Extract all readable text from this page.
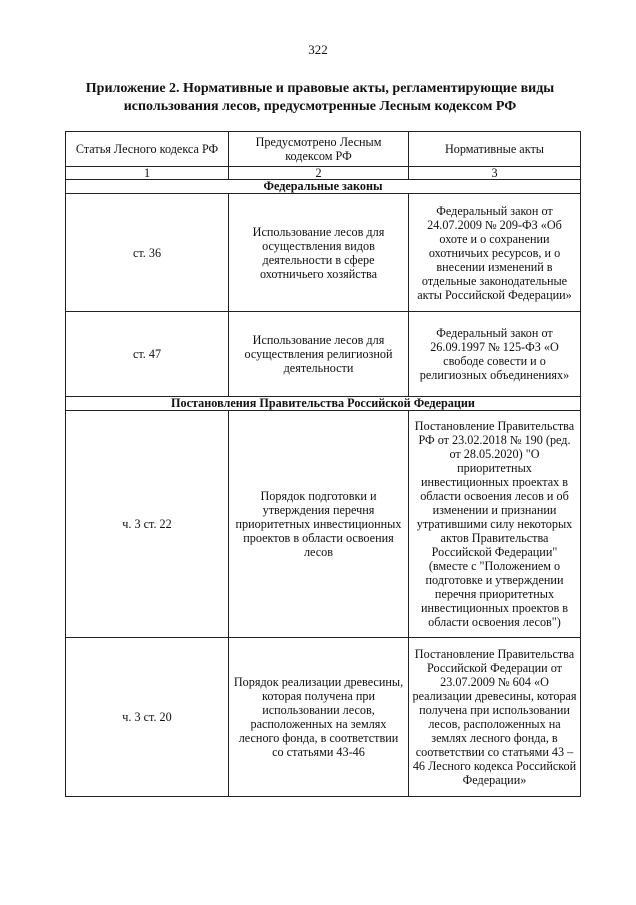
322
Приложение 2. Нормативные и правовые акты, регламентирующие виды использования лесов, предусмотренные Лесным кодексом РФ
Статья Лесного кодекса РФ	Предусмотрено Лесным кодексом РФ	Нормативные акты
1	2	3
Федеральные законы		
ст. 36	Использование лесов для осуществления видов деятельности в сфере охотничьего хозяйства	Федеральный закон от 24.07.2009 № 209-ФЗ «Об охоте и о сохранении охотничьих ресурсов, и о внесении изменений в отдельные законодательные акты Российской Федерации»
ст. 47	Использование лесов для осуществления религиозной деятельности	Федеральный закон от 26.09.1997 № 125-ФЗ «О свободе совести и о религиозных объединениях»
Постановления Правительства Российской Федерации		
ч. 3 ст. 22	Порядок подготовки и утверждения перечня приоритетных инвестиционных проектов в области освоения лесов	Постановление Правительства РФ от 23.02.2018 № 190 (ред. от 28.05.2020) "О приоритетных инвестиционных проектах в области освоения лесов и об изменении и признании утратившими силу некоторых актов Правительства Российской Федерации" (вместе с "Положением о подготовке и утверждении перечня приоритетных инвестиционных проектов в области освоения лесов")
ч. 3 ст. 20	Порядок реализации древесины, которая получена при использовании лесов, расположенных на землях лесного фонда, в соответствии со статьями 43-46	Постановление Правительства Российской Федерации от 23.07.2009 № 604 «О реализации древесины, которая получена при использовании лесов, расположенных на землях лесного фонда, в соответствии со статьями 43 – 46 Лесного кодекса Российской Федерации»
